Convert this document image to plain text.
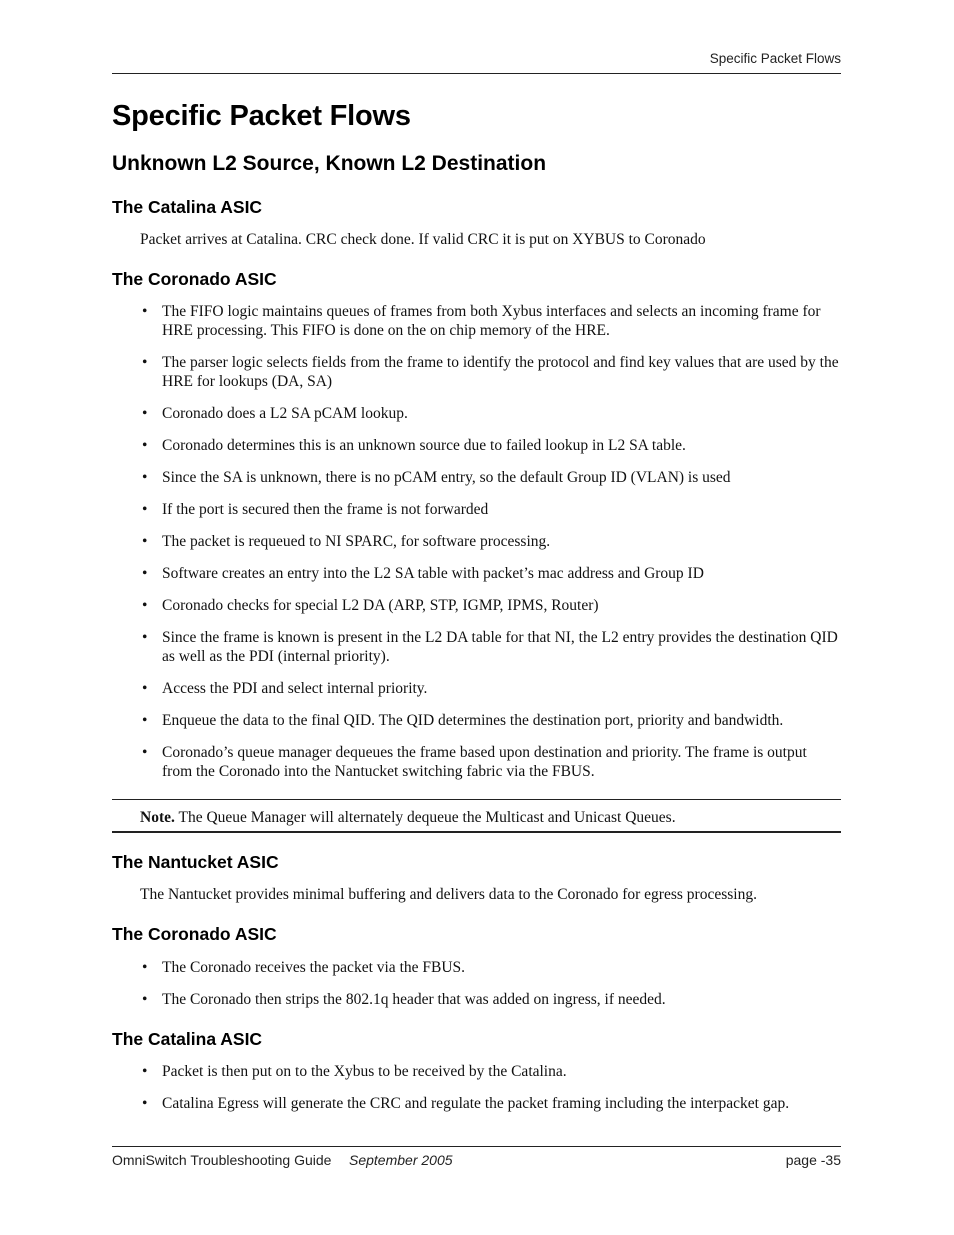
Specific Packet Flows
Specific Packet Flows
Unknown L2 Source, Known L2 Destination
The Catalina ASIC

Packet arrives at Catalina. CRC check done. If valid CRC it is put on XYBUS to Coronado

The Coronado ASIC
• The FIFO logic maintains queues of frames from both Xybus interfaces and selects an incoming frame for HRE processing. This FIFO is done on the on chip memory of the HRE.
• The parser logic selects fields from the frame to identify the protocol and find key values that are used by the HRE for lookups (DA, SA)
• Coronado does a L2 SA pCAM lookup.
• Coronado determines this is an unknown source due to failed lookup in L2 SA table.
• Since the SA is unknown, there is no pCAM entry, so the default Group ID (VLAN) is used
• If the port is secured then the frame is not forwarded
• The packet is requeued to NI SPARC, for software processing.
• Software creates an entry into the L2 SA table with packet’s mac address and Group ID
• Coronado checks for special L2 DA (ARP, STP, IGMP, IPMS, Router)
• Since the frame is known is present in the L2 DA table for that NI, the L2 entry provides the destination QID as well as the PDI (internal priority).
• Access the PDI and select internal priority.
• Enqueue the data to the final QID. The QID determines the destination port, priority and bandwidth.
• Coronado’s queue manager dequeues the frame based upon destination and priority. The frame is output from the Coronado into the Nantucket switching fabric via the FBUS.
Note. The Queue Manager will alternately dequeue the Multicast and Unicast Queues.
The Nantucket ASIC

The Nantucket provides minimal buffering and delivers data to the Coronado for egress processing.

The Coronado ASIC
• The Coronado receives the packet via the FBUS.
• The Coronado then strips the 802.1q header that was added on ingress, if needed.
The Catalina ASIC
• Packet is then put on to the Xybus to be received by the Catalina.
• Catalina Egress will generate the CRC and regulate the packet framing including the interpacket gap.
OmniSwitch Troubleshooting Guide September 2005	page -35
